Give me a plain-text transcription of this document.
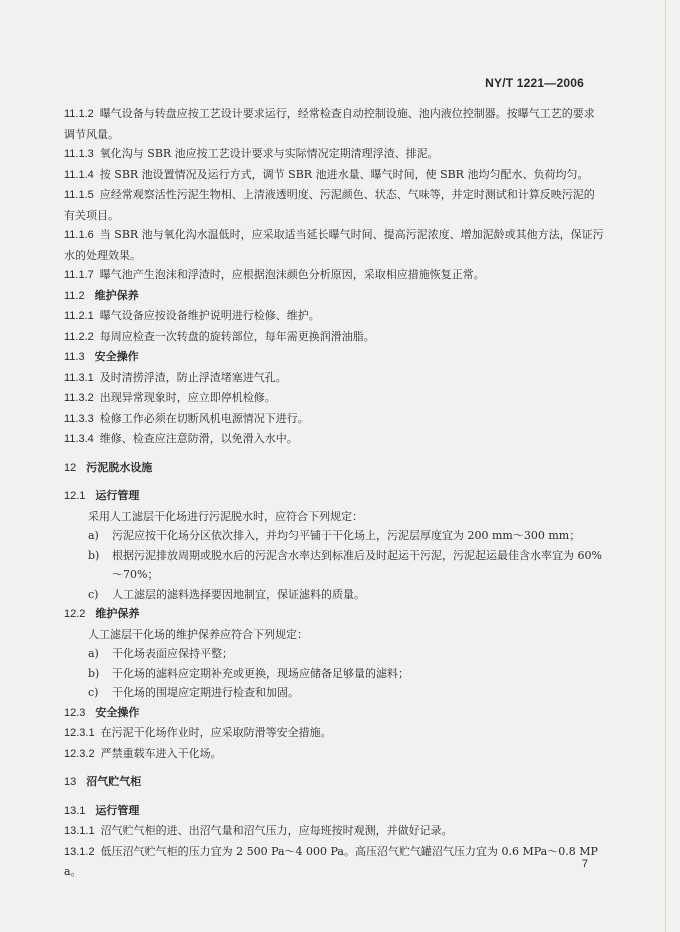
NY/T 1221—2006

11.1.2 曝气设备与转盘应按工艺设计要求运行，经常检查自动控制设施、池内液位控制器。按曝气工艺的要求调节风量。

11.1.3 氧化沟与 SBR 池应按工艺设计要求与实际情况定期清理浮渣、排泥。

11.1.4 按 SBR 池设置情况及运行方式，调节 SBR 池进水量、曝气时间，使 SBR 池均匀配水、负荷均匀。

11.1.5 应经常观察活性污泥生物相、上清液透明度、污泥颜色、状态、气味等，并定时测试和计算反映污泥的有关项目。

11.1.6 当 SBR 池与氧化沟水温低时，应采取适当延长曝气时间、提高污泥浓度、增加泥龄或其他方法，保证污水的处理效果。

11.1.7 曝气池产生泡沫和浮渣时，应根据泡沫颜色分析原因，采取相应措施恢复正常。

11.2 维护保养

11.2.1 曝气设备应按设备维护说明进行检修、维护。

11.2.2 每周应检查一次转盘的旋转部位，每年需更换润滑油脂。

11.3 安全操作

11.3.1 及时清捞浮渣，防止浮渣堵塞进气孔。

11.3.2 出现异常现象时，应立即停机检修。

11.3.3 检修工作必须在切断风机电源情况下进行。

11.3.4 维修、检查应注意防滑，以免滑入水中。

12 污泥脱水设施

12.1 运行管理

采用人工滤层干化场进行污泥脱水时，应符合下列规定：

a)	污泥应按干化场分区依次排入，并均匀平铺于干化场上，污泥层厚度宜为 200 mm～300 mm；
b)	根据污泥排放周期或脱水后的污泥含水率达到标准后及时起运干污泥，污泥起运最佳含水率宜为 60%～70%；
c)	人工滤层的滤料选择要因地制宜，保证滤料的质量。

12.2 维护保养

人工滤层干化场的维护保养应符合下列规定：

a)	干化场表面应保持平整；
b)	干化场的滤料应定期补充或更换，现场应储备足够量的滤料；
c)	干化场的围堤应定期进行检查和加固。

12.3 安全操作

12.3.1 在污泥干化场作业时，应采取防滑等安全措施。

12.3.2 严禁重载车进入干化场。

13 沼气贮气柜

13.1 运行管理

13.1.1 沼气贮气柜的进、出沼气量和沼气压力，应每班按时观测，并做好记录。

13.1.2 低压沼气贮气柜的压力宜为 2 500 Pa～4 000 Pa。高压沼气贮气罐沼气压力宜为 0.6 MPa～0.8 MPa。

7
